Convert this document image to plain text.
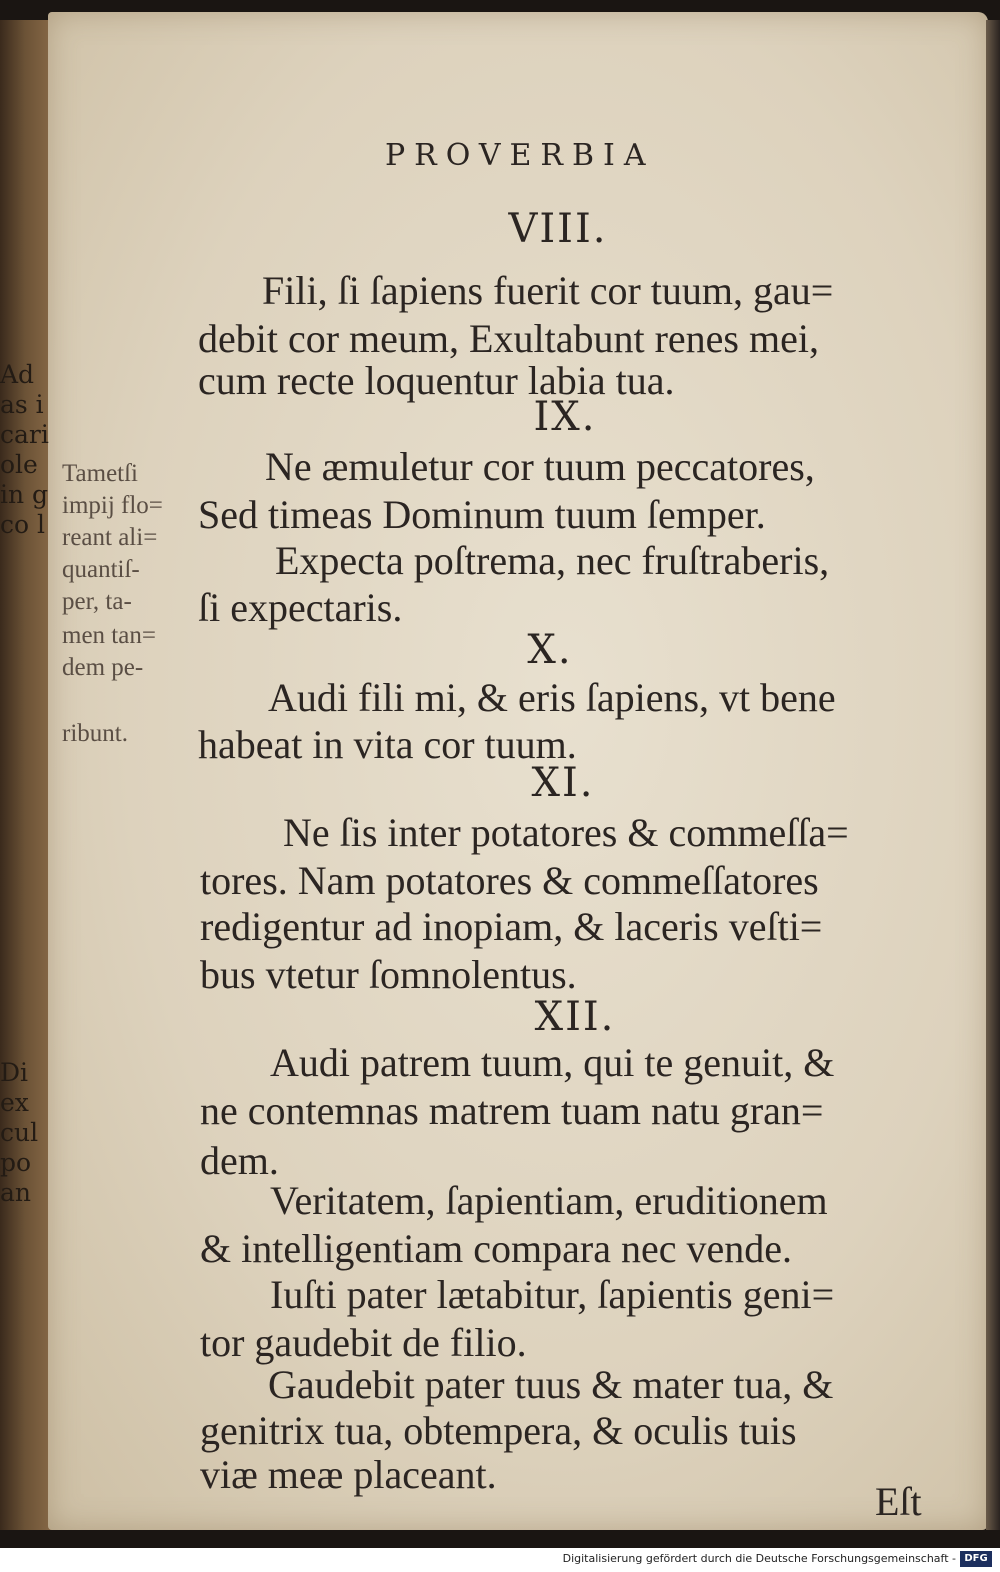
Ad
as i
cari
ole
in g
co l
Di
ex
cul
po
an
PROVERBIA
VIII.
Fili, ſi ſapiens fuerit cor tuum, gau=
debit cor meum, Exultabunt renes mei,
cum recte loquentur labia tua.
IX.
Ne æmuletur cor tuum peccatores,
Sed timeas Dominum tuum ſemper.
Expecta poſtrema, nec fruſtraberis,
ſi expectaris.
X.
Audi fili mi, & eris ſapiens, vt bene
habeat in vita cor tuum.
XI.
Ne ſis inter potatores & commeſſa=
tores. Nam potatores & commeſſatores
redigentur ad inopiam, & laceris veſti=
bus vtetur ſomnolentus.
XII.
Audi patrem tuum, qui te genuit, &
ne contemnas matrem tuam natu gran=
dem.
Veritatem, ſapientiam, eruditionem
& intelligentiam compara nec vende.
Iuſti pater lætabitur, ſapientis geni=
tor gaudebit de filio.
Gaudebit pater tuus & mater tua, &
genitrix tua, obtempera, & oculis tuis
viæ meæ placeant.
Tametſi
impij flo=
reant ali=
quantiſ-
per, ta-
men tan=
dem pe-
ribunt.
Eſt
Digitalisierung gefördert durch die Deutsche Forschungsgemeinschaft - DFG
